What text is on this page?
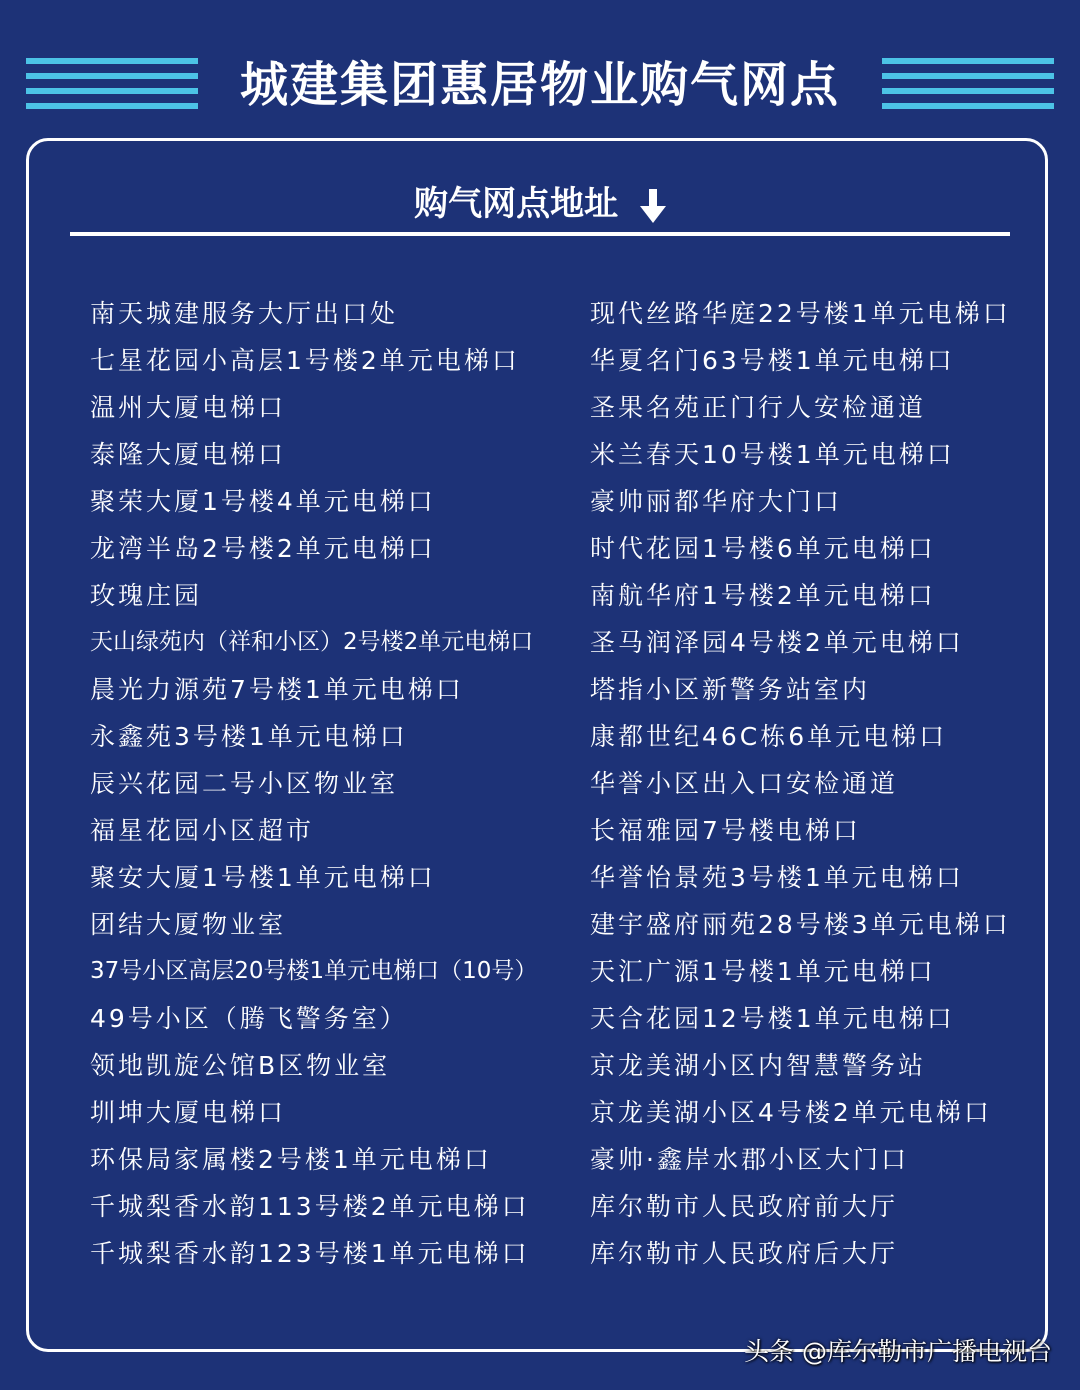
城建集团惠居物业购气网点
购气网点地址
南天城建服务大厅出口处
七星花园小高层1号楼2单元电梯口
温州大厦电梯口
泰隆大厦电梯口
聚荣大厦1号楼4单元电梯口
龙湾半岛2号楼2单元电梯口
玫瑰庄园
天山绿苑内（祥和小区）2号楼2单元电梯口
晨光力源苑7号楼1单元电梯口
永鑫苑3号楼1单元电梯口
辰兴花园二号小区物业室
福星花园小区超市
聚安大厦1号楼1单元电梯口
团结大厦物业室
37号小区高层20号楼1单元电梯口（10号）
49号小区（腾飞警务室）
领地凯旋公馆B区物业室
圳坤大厦电梯口
环保局家属楼2号楼1单元电梯口
千城梨香水韵113号楼2单元电梯口
千城梨香水韵123号楼1单元电梯口
现代丝路华庭22号楼1单元电梯口
华夏名门63号楼1单元电梯口
圣果名苑正门行人安检通道
米兰春天10号楼1单元电梯口
豪帅丽都华府大门口
时代花园1号楼6单元电梯口
南航华府1号楼2单元电梯口
圣马润泽园4号楼2单元电梯口
塔指小区新警务站室内
康都世纪46C栋6单元电梯口
华誉小区出入口安检通道
长福雅园7号楼电梯口
华誉怡景苑3号楼1单元电梯口
建宇盛府丽苑28号楼3单元电梯口
天汇广源1号楼1单元电梯口
天合花园12号楼1单元电梯口
京龙美湖小区内智慧警务站
京龙美湖小区4号楼2单元电梯口
豪帅·鑫岸水郡小区大门口
库尔勒市人民政府前大厅
库尔勒市人民政府后大厅
头条 @库尔勒市广播电视台
